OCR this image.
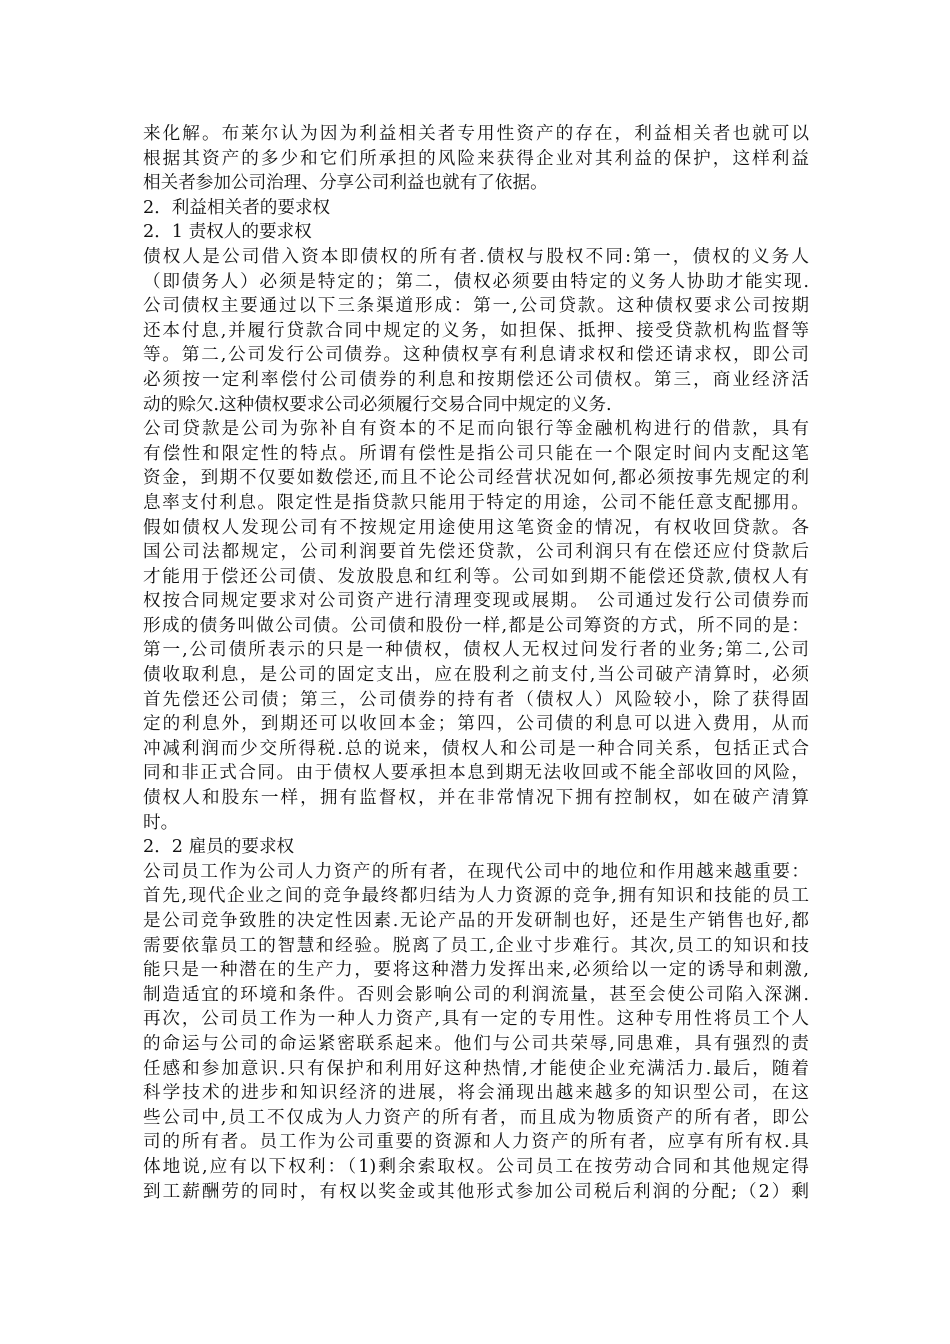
来化解。布莱尔认为因为利益相关者专用性资产的存在，利益相关者也就可以
根据其资产的多少和它们所承担的风险来获得企业对其利益的保护，这样利益
相关者参加公司治理、分享公司利益也就有了依据。

2．利益相关者的要求权

2．1 责权人的要求权

债权人是公司借入资本即债权的所有者.债权与股权不同:第一，债权的义务人
（即债务人）必须是特定的；第二，债权必须要由特定的义务人协助才能实现.
公司债权主要通过以下三条渠道形成：第一,公司贷款。这种债权要求公司按期
还本付息,并履行贷款合同中规定的义务，如担保、抵押、接受贷款机构监督等
等。第二,公司发行公司债券。这种债权享有利息请求权和偿还请求权，即公司
必须按一定利率偿付公司债券的利息和按期偿还公司债权。第三，商业经济活
动的赊欠.这种债权要求公司必须履行交易合同中规定的义务.

公司贷款是公司为弥补自有资本的不足而向银行等金融机构进行的借款，具有
有偿性和限定性的特点。所谓有偿性是指公司只能在一个限定时间内支配这笔
资金，到期不仅要如数偿还,而且不论公司经营状况如何,都必须按事先规定的利
息率支付利息。限定性是指贷款只能用于特定的用途，公司不能任意支配挪用。
假如债权人发现公司有不按规定用途使用这笔资金的情况，有权收回贷款。各
国公司法都规定，公司利润要首先偿还贷款，公司利润只有在偿还应付贷款后
才能用于偿还公司债、发放股息和红利等。公司如到期不能偿还贷款,债权人有
权按合同规定要求对公司资产进行清理变现或展期。 公司通过发行公司债券而
形成的债务叫做公司债。公司债和股份一样,都是公司筹资的方式，所不同的是：
第一,公司债所表示的只是一种债权，债权人无权过问发行者的业务;第二,公司
债收取利息，是公司的固定支出，应在股利之前支付,当公司破产清算时，必须
首先偿还公司债；第三，公司债券的持有者（债权人）风险较小，除了获得固
定的利息外，到期还可以收回本金；第四，公司债的利息可以进入费用，从而
冲减利润而少交所得税.总的说来，债权人和公司是一种合同关系，包括正式合
同和非正式合同。由于债权人要承担本息到期无法收回或不能全部收回的风险，
债权人和股东一样，拥有监督权，并在非常情况下拥有控制权，如在破产清算
时。

2．2 雇员的要求权

公司员工作为公司人力资产的所有者，在现代公司中的地位和作用越来越重要：
首先,现代企业之间的竞争最终都归结为人力资源的竞争,拥有知识和技能的员工
是公司竞争致胜的决定性因素.无论产品的开发研制也好，还是生产销售也好,都
需要依靠员工的智慧和经验。脱离了员工,企业寸步难行。其次,员工的知识和技
能只是一种潜在的生产力，要将这种潜力发挥出来,必须给以一定的诱导和刺激,
制造适宜的环境和条件。否则会影响公司的利润流量，甚至会使公司陷入深渊.
再次，公司员工作为一种人力资产,具有一定的专用性。这种专用性将员工个人
的命运与公司的命运紧密联系起来。他们与公司共荣辱,同患难，具有强烈的责
任感和参加意识.只有保护和利用好这种热情,才能使企业充满活力.最后，随着
科学技术的进步和知识经济的进展，将会涌现出越来越多的知识型公司，在这
些公司中,员工不仅成为人力资产的所有者，而且成为物质资产的所有者，即公
司的所有者。员工作为公司重要的资源和人力资产的所有者，应享有所有权.具
体地说,应有以下权利：（1)剩余索取权。公司员工在按劳动合同和其他规定得
到工薪酬劳的同时，有权以奖金或其他形式参加公司税后利润的分配;（2）剩
